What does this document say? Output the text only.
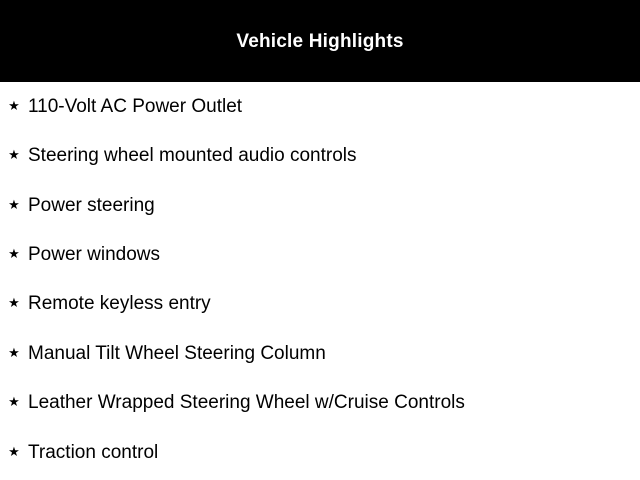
Vehicle Highlights
★ 110-Volt AC Power Outlet
★ Steering wheel mounted audio controls
★ Power steering
★ Power windows
★ Remote keyless entry
★ Manual Tilt Wheel Steering Column
★ Leather Wrapped Steering Wheel w/Cruise Controls
★ Traction control
